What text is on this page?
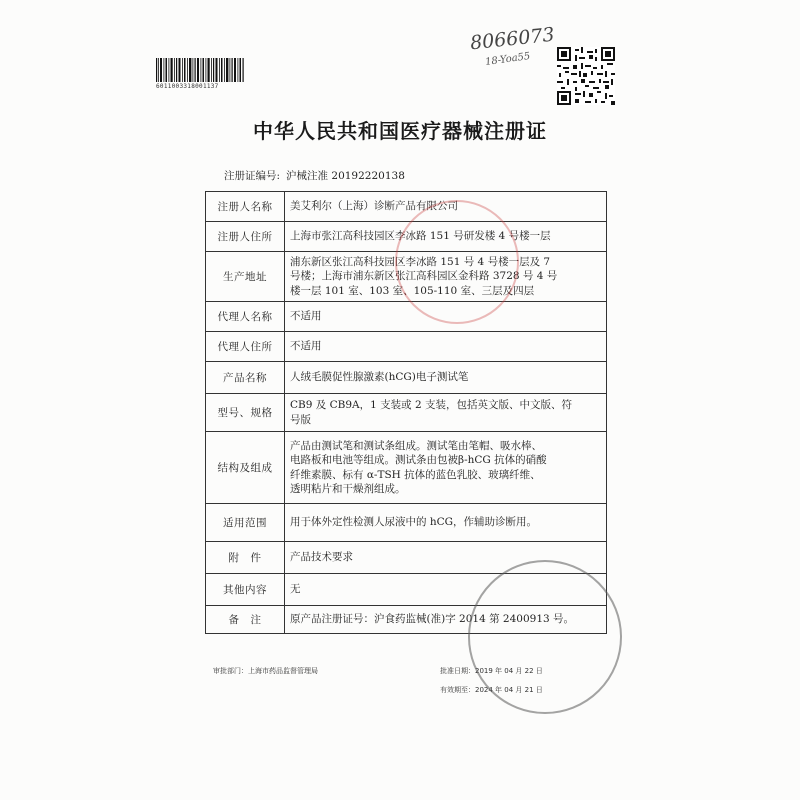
6011003318001137
8066073
18-Yoa55
中华人民共和国医疗器械注册证
注册证编号: 沪械注准 20192220138
注册人名称	美艾利尔（上海）诊断产品有限公司

注册人住所	上海市张江高科技园区李冰路 151 号研发楼 4 号楼一层

生产地址	浦东新区张江高科技园区李冰路 151 号 4 号楼一层及 7
号楼；上海市浦东新区张江高科园区金科路 3728 号 4 号
楼一层 101 室、103 室、105-110 室、三层及四层

代理人名称	不适用

代理人住所	不适用

产品名称	人绒毛膜促性腺激素(hCG)电子测试笔

型号、规格	CB9 及 CB9A，1 支装或 2 支装，包括英文版、中文版、符
号版

结构及组成	产品由测试笔和测试条组成。测试笔由笔帽、吸水棒、
电路板和电池等组成。测试条由包被β-hCG 抗体的硝酸
纤维素膜、标有 α-TSH 抗体的蓝色乳胶、玻璃纤维、
透明粘片和干燥剂组成。

适用范围	用于体外定性检测人尿液中的 hCG，作辅助诊断用。

附　件	产品技术要求

其他内容	无

备　注	原产品注册证号：沪食药监械(准)字 2014 第 2400913 号。
审批部门：上海市药品监督管理局	批准日期：2019 年 04 月 22 日
有效期至：2024 年 04 月 21 日
